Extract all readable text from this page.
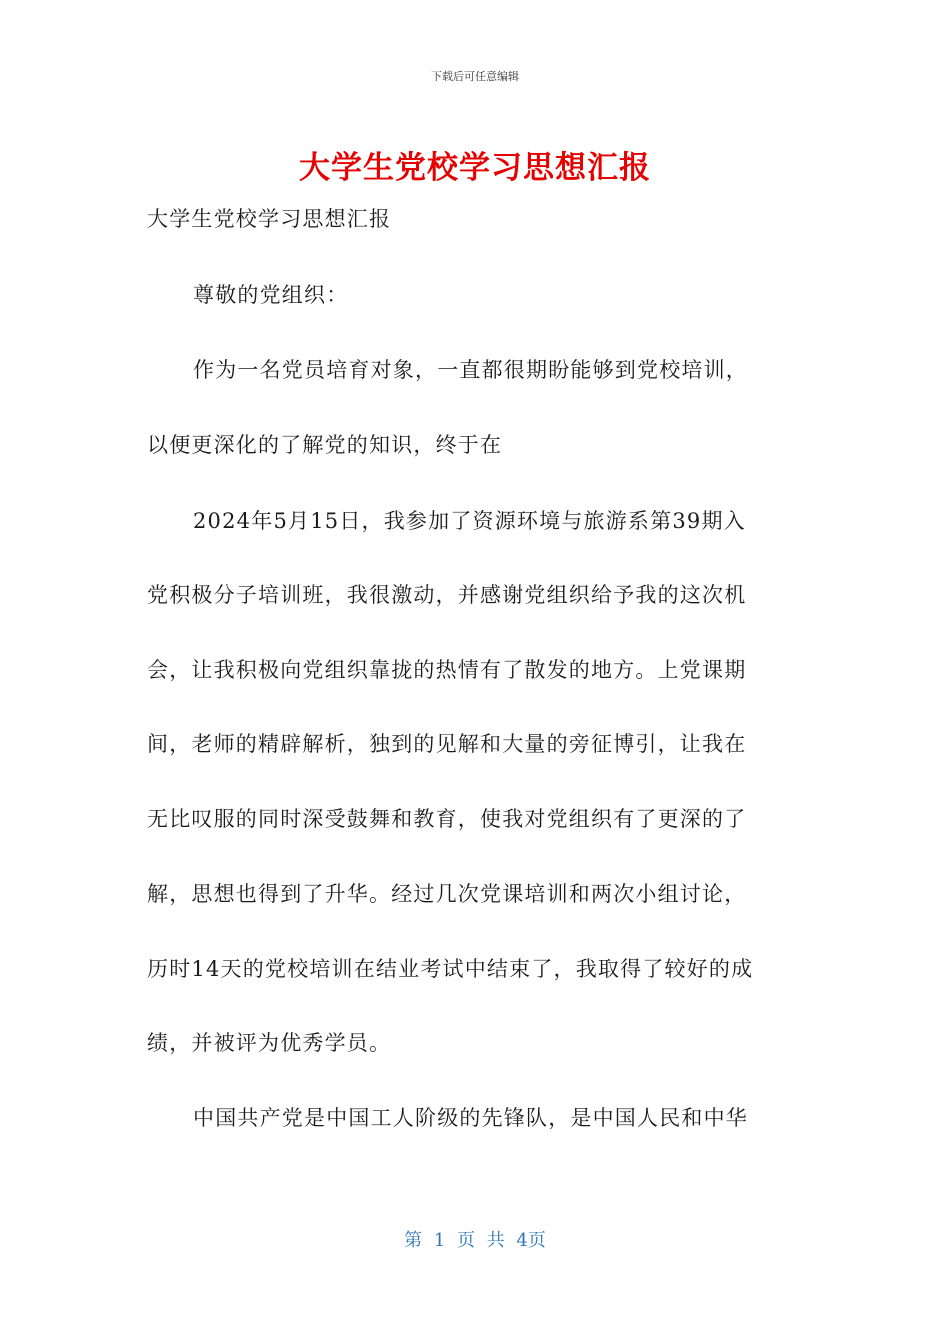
下载后可任意编辑
大学生党校学习思想汇报
大学生党校学习思想汇报
尊敬的党组织：
作为一名党员培育对象，一直都很期盼能够到党校培训，
以便更深化的了解党的知识，终于在
2024年5月15日，我参加了资源环境与旅游系第39期入
党积极分子培训班，我很激动，并感谢党组织给予我的这次机
会，让我积极向党组织靠拢的热情有了散发的地方。上党课期
间，老师的精辟解析，独到的见解和大量的旁征博引，让我在
无比叹服的同时深受鼓舞和教育，使我对党组织有了更深的了
解，思想也得到了升华。经过几次党课培训和两次小组讨论，
历时14天的党校培训在结业考试中结束了，我取得了较好的成
绩，并被评为优秀学员。
中国共产党是中国工人阶级的先锋队，是中国人民和中华
第 1 页 共 4页
